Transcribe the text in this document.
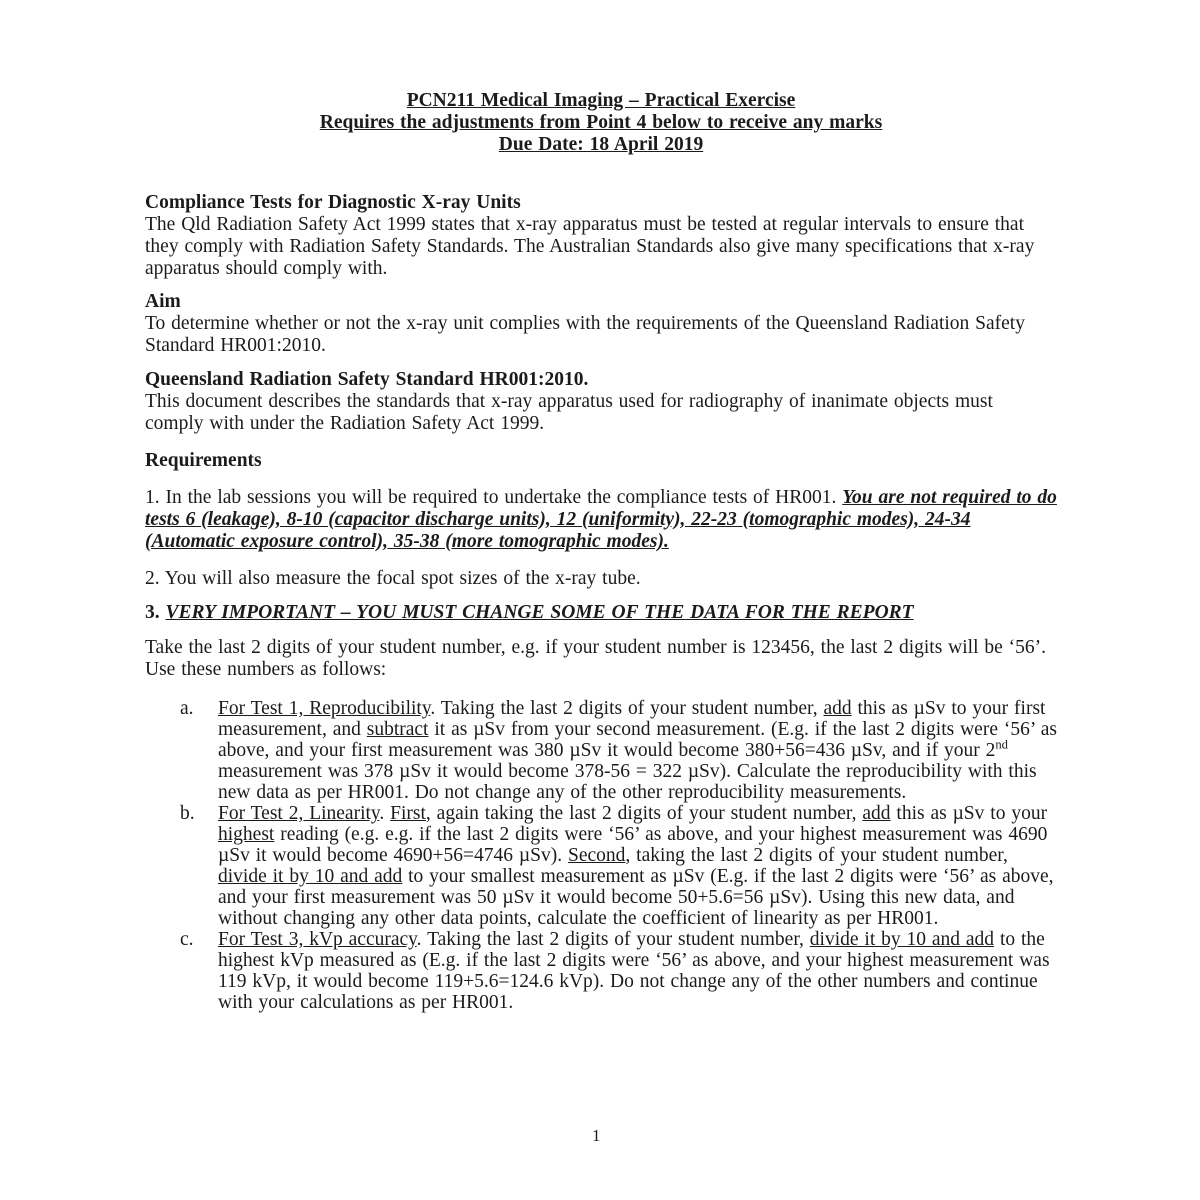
PCN211 Medical Imaging – Practical Exercise
Requires the adjustments from Point 4 below to receive any marks
Due Date: 18 April 2019
Compliance Tests for Diagnostic X-ray Units
The Qld Radiation Safety Act 1999 states that x-ray apparatus must be tested at regular intervals to ensure that they comply with Radiation Safety Standards. The Australian Standards also give many specifications that x-ray apparatus should comply with.
Aim
To determine whether or not the x-ray unit complies with the requirements of the Queensland Radiation Safety Standard HR001:2010.
Queensland Radiation Safety Standard HR001:2010.
This document describes the standards that x-ray apparatus used for radiography of inanimate objects must comply with under the Radiation Safety Act 1999.
Requirements
1. In the lab sessions you will be required to undertake the compliance tests of HR001. You are not required to do tests 6 (leakage), 8-10 (capacitor discharge units), 12 (uniformity), 22-23 (tomographic modes), 24-34 (Automatic exposure control), 35-38 (more tomographic modes).
2. You will also measure the focal spot sizes of the x-ray tube.
3. VERY IMPORTANT – YOU MUST CHANGE SOME OF THE DATA FOR THE REPORT
Take the last 2 digits of your student number, e.g. if your student number is 123456, the last 2 digits will be ‘56’. Use these numbers as follows:
a. For Test 1, Reproducibility. Taking the last 2 digits of your student number, add this as µSv to your first measurement, and subtract it as µSv from your second measurement. (E.g. if the last 2 digits were ‘56’ as above, and your first measurement was 380 µSv it would become 380+56=436 µSv, and if your 2nd measurement was 378 µSv it would become 378-56 = 322 µSv). Calculate the reproducibility with this new data as per HR001. Do not change any of the other reproducibility measurements.
b. For Test 2, Linearity. First, again taking the last 2 digits of your student number, add this as µSv to your highest reading (e.g. e.g. if the last 2 digits were ‘56’ as above, and your highest measurement was 4690 µSv it would become 4690+56=4746 µSv). Second, taking the last 2 digits of your student number, divide it by 10 and add to your smallest measurement as µSv (E.g. if the last 2 digits were ‘56’ as above, and your first measurement was 50 µSv it would become 50+5.6=56 µSv). Using this new data, and without changing any other data points, calculate the coefficient of linearity as per HR001.
c. For Test 3, kVp accuracy. Taking the last 2 digits of your student number, divide it by 10 and add to the highest kVp measured as (E.g. if the last 2 digits were ‘56’ as above, and your highest measurement was 119 kVp, it would become 119+5.6=124.6 kVp). Do not change any of the other numbers and continue with your calculations as per HR001.
1
